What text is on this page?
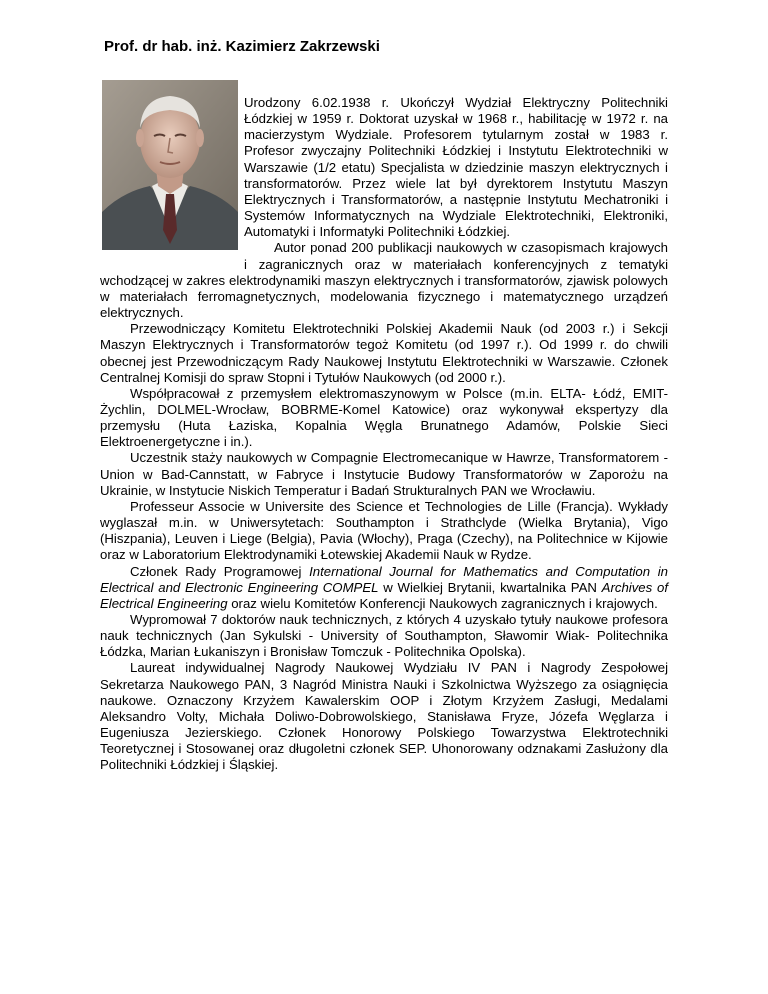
Prof. dr hab. inż. Kazimierz Zakrzewski

Urodzony 6.02.1938 r. Ukończył Wydział Elektryczny Politechniki Łódzkiej w 1959 r. Doktorat uzyskał w 1968 r., habilitację w 1972 r. na macierzystym Wydziale. Profesorem tytularnym został w 1983 r. Profesor zwyczajny Politechniki Łódzkiej i Instytutu Elektrotechniki w Warszawie (1/2 etatu) Specjalista w dziedzinie maszyn elektrycznych i transformatorów. Przez wiele lat był dyrektorem Instytutu Maszyn Elektrycznych i Transformatorów, a następnie Instytutu Mechatroniki i Systemów Informatycznych na Wydziale Elektrotechniki, Elektroniki, Automatyki i Informatyki Politechniki Łódzkiej.

Autor ponad 200 publikacji naukowych w czasopismach krajowych i zagranicznych oraz w materiałach konferencyjnych z tematyki wchodzącej w zakres elektrodynamiki maszyn elektrycznych i transformatorów, zjawisk polowych w materiałach ferromagnetycznych, modelowania fizycznego i matematycznego urządzeń elektrycznych.

Przewodniczący Komitetu Elektrotechniki Polskiej Akademii Nauk (od 2003 r.) i Sekcji Maszyn Elektrycznych i Transformatorów tegoż Komitetu (od 1997 r.). Od 1999 r. do chwili obecnej jest Przewodniczącym Rady Naukowej Instytutu Elektrotechniki w Warszawie. Członek Centralnej Komisji do spraw Stopni i Tytułów Naukowych (od 2000 r.).

Współpracował z przemysłem elektromaszynowym w Polsce (m.in. ELTA- Łódź, EMIT-Żychlin, DOLMEL-Wrocław, BOBRME-Komel Katowice) oraz wykonywał ekspertyzy dla przemysłu (Huta Łaziska, Kopalnia Węgla Brunatnego Adamów, Polskie Sieci Elektroenergetyczne i in.).

Uczestnik staży naukowych w Compagnie Electromecanique w Hawrze, Transformatorem - Union w Bad-Cannstatt, w Fabryce i Instytucie Budowy Transformatorów w Zaporożu na Ukrainie, w Instytucie Niskich Temperatur i Badań Strukturalnych PAN we Wrocławiu.

Professeur Associe w Universite des Science et Technologies de Lille (Francja). Wykłady wyglaszał m.in. w Uniwersytetach: Southampton i Strathclyde (Wielka Brytania), Vigo (Hiszpania), Leuven i Liege (Belgia), Pavia (Włochy), Praga (Czechy), na Politechnice w Kijowie oraz w Laboratorium Elektrodynamiki Łotewskiej Akademii Nauk w Rydze.

Członek Rady Programowej International Journal for Mathematics and Computation in Electrical and Electronic Engineering COMPEL w Wielkiej Brytanii, kwartalnika PAN Archives of Electrical Engineering oraz wielu Komitetów Konferencji Naukowych zagranicznych i krajowych.

Wypromował 7 doktorów nauk technicznych, z których 4 uzyskało tytuły naukowe profesora nauk technicznych (Jan Sykulski - University of Southampton, Sławomir Wiak- Politechnika Łódzka, Marian Łukaniszyn i Bronisław Tomczuk - Politechnika Opolska).

Laureat indywidualnej Nagrody Naukowej Wydziału IV PAN i Nagrody Zespołowej Sekretarza Naukowego PAN, 3 Nagród Ministra Nauki i Szkolnictwa Wyższego za osiągnięcia naukowe. Oznaczony Krzyżem Kawalerskim OOP i Złotym Krzyżem Zasługi, Medalami Aleksandro Volty, Michała Doliwo-Dobrowolskiego, Stanisława Fryze, Józefa Węglarza i Eugeniusza Jezierskiego. Członek Honorowy Polskiego Towarzystwa Elektrotechniki Teoretycznej i Stosowanej oraz długoletni członek SEP. Uhonorowany odznakami Zasłużony dla Politechniki Łódzkiej i Śląskiej.
